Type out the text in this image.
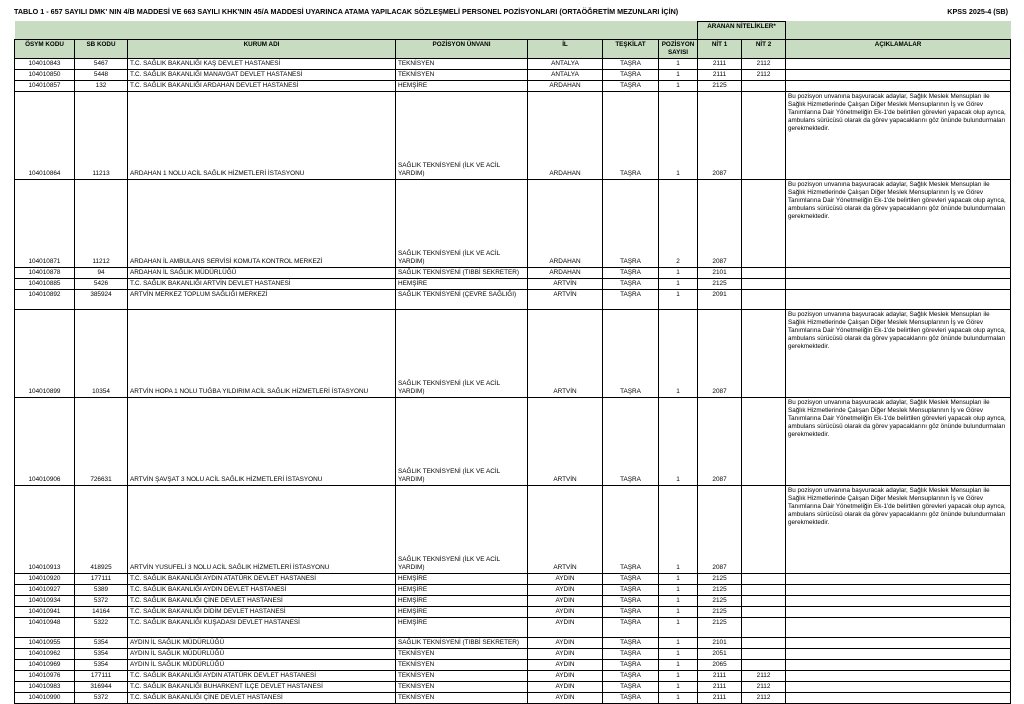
TABLO 1 - 657 SAYILI DMK' NIN 4/B MADDESİ VE 663 SAYILI KHK'NIN 45/A MADDESİ UYARINCA ATAMA YAPILACAK SÖZLEŞMELİ PERSONEL POZİSYONLARI (ORTAÖĞRETİM MEZUNLARI İÇİN)	KPSS 2025-4 (SB)
							ARANAN NİTELİKLER*		
ÖSYM KODU	SB KODU	KURUM ADI	POZİSYON ÜNVANI	İL	TEŞKİLAT	POZİSYON SAYISI	NİT 1	NİT 2	AÇIKLAMALAR
104010843	5467	T.C. SAĞLIK BAKANLIĞI KAŞ DEVLET HASTANESİ	TEKNİSYEN	ANTALYA	TAŞRA	1	2111	2112	
104010850	5448	T.C. SAĞLIK BAKANLIĞI MANAVGAT DEVLET HASTANESİ	TEKNİSYEN	ANTALYA	TAŞRA	1	2111	2112	
104010857	132	T.C. SAĞLIK BAKANLIĞI ARDAHAN DEVLET HASTANESİ	HEMŞİRE	ARDAHAN	TAŞRA	1	2125		
104010864	11213	ARDAHAN 1 NOLU ACİL SAĞLIK HİZMETLERİ İSTASYONU	SAĞLIK TEKNİSYENİ (İLK VE ACİL YARDIM)	ARDAHAN	TAŞRA	1	2087		Bu pozisyon unvanına başvuracak adaylar, Sağlık Meslek Mensupları ile Sağlık Hizmetlerinde Çalışan Diğer Meslek Mensuplarının İş ve Görev Tanımlarına Dair Yönetmeliğin Ek-1'de belirtilen görevleri yapacak olup ayrıca, ambulans sürücüsü olarak da görev yapacaklarını göz önünde bulundurmaları gerekmektedir.
104010871	11212	ARDAHAN İL AMBULANS SERVİSİ KOMUTA KONTROL MERKEZİ	SAĞLIK TEKNİSYENİ (İLK VE ACİL YARDIM)	ARDAHAN	TAŞRA	2	2087		Bu pozisyon unvanına başvuracak adaylar, Sağlık Meslek Mensupları ile Sağlık Hizmetlerinde Çalışan Diğer Meslek Mensuplarının İş ve Görev Tanımlarına Dair Yönetmeliğin Ek-1'de belirtilen görevleri yapacak olup ayrıca, ambulans sürücüsü olarak da görev yapacaklarını göz önünde bulundurmaları gerekmektedir.
104010878	94	ARDAHAN İL SAĞLIK MÜDÜRLÜĞÜ	SAĞLIK TEKNİSYENİ (TIBBİ SEKRETER)	ARDAHAN	TAŞRA	1	2101		
104010885	5426	T.C. SAĞLIK BAKANLIĞI ARTVİN DEVLET HASTANESİ	HEMŞİRE	ARTVİN	TAŞRA	1	2125		
104010892	385924	ARTVİN MERKEZ TOPLUM SAĞLIĞI MERKEZİ	SAĞLIK TEKNİSYENİ (ÇEVRE SAĞLIĞI)	ARTVİN	TAŞRA	1	2091		
104010899	10354	ARTVİN HOPA 1 NOLU TUĞBA YILDIRIM ACİL SAĞLIK HİZMETLERİ İSTASYONU	SAĞLIK TEKNİSYENİ (İLK VE ACİL YARDIM)	ARTVİN	TAŞRA	1	2087		Bu pozisyon unvanına başvuracak adaylar, Sağlık Meslek Mensupları ile Sağlık Hizmetlerinde Çalışan Diğer Meslek Mensuplarının İş ve Görev Tanımlarına Dair Yönetmeliğin Ek-1'de belirtilen görevleri yapacak olup ayrıca, ambulans sürücüsü olarak da görev yapacaklarını göz önünde bulundurmaları gerekmektedir.
104010906	726631	ARTVİN ŞAVŞAT 3 NOLU ACİL SAĞLIK HİZMETLERİ İSTASYONU	SAĞLIK TEKNİSYENİ (İLK VE ACİL YARDIM)	ARTVİN	TAŞRA	1	2087		Bu pozisyon unvanına başvuracak adaylar, Sağlık Meslek Mensupları ile Sağlık Hizmetlerinde Çalışan Diğer Meslek Mensuplarının İş ve Görev Tanımlarına Dair Yönetmeliğin Ek-1'de belirtilen görevleri yapacak olup ayrıca, ambulans sürücüsü olarak da görev yapacaklarını göz önünde bulundurmaları gerekmektedir.
104010913	418925	ARTVİN YUSUFELİ 3 NOLU ACİL SAĞLIK HİZMETLERİ İSTASYONU	SAĞLIK TEKNİSYENİ (İLK VE ACİL YARDIM)	ARTVİN	TAŞRA	1	2087		Bu pozisyon unvanına başvuracak adaylar, Sağlık Meslek Mensupları ile Sağlık Hizmetlerinde Çalışan Diğer Meslek Mensuplarının İş ve Görev Tanımlarına Dair Yönetmeliğin Ek-1'de belirtilen görevleri yapacak olup ayrıca, ambulans sürücüsü olarak da görev yapacaklarını göz önünde bulundurmaları gerekmektedir.
104010920	177111	T.C. SAĞLIK BAKANLIĞI AYDIN ATATÜRK DEVLET HASTANESİ	HEMŞİRE	AYDIN	TAŞRA	1	2125		
104010927	5389	T.C. SAĞLIK BAKANLIĞI AYDIN DEVLET HASTANESİ	HEMŞİRE	AYDIN	TAŞRA	1	2125		
104010934	5372	T.C. SAĞLIK BAKANLIĞI ÇİNE DEVLET HASTANESİ	HEMŞİRE	AYDIN	TAŞRA	1	2125		
104010941	14164	T.C. SAĞLIK BAKANLIĞI DİDİM DEVLET HASTANESİ	HEMŞİRE	AYDIN	TAŞRA	1	2125		
104010948	5322	T.C. SAĞLIK BAKANLIĞI KUŞADASI DEVLET HASTANESİ	HEMŞİRE	AYDIN	TAŞRA	1	2125		
104010955	5354	AYDIN İL SAĞLIK MÜDÜRLÜĞÜ	SAĞLIK TEKNİSYENİ (TIBBİ SEKRETER)	AYDIN	TAŞRA	1	2101		
104010962	5354	AYDIN İL SAĞLIK MÜDÜRLÜĞÜ	TEKNİSYEN	AYDIN	TAŞRA	1	2051		
104010969	5354	AYDIN İL SAĞLIK MÜDÜRLÜĞÜ	TEKNİSYEN	AYDIN	TAŞRA	1	2065		
104010976	177111	T.C. SAĞLIK BAKANLIĞI AYDIN ATATÜRK DEVLET HASTANESİ	TEKNİSYEN	AYDIN	TAŞRA	1	2111	2112	
104010983	316944	T.C. SAĞLIK BAKANLIĞI BUHARKENT İLÇE DEVLET HASTANESİ	TEKNİSYEN	AYDIN	TAŞRA	1	2111	2112	
104010990	5372	T.C. SAĞLIK BAKANLIĞI ÇİNE DEVLET HASTANESİ	TEKNİSYEN	AYDIN	TAŞRA	1	2111	2112	
